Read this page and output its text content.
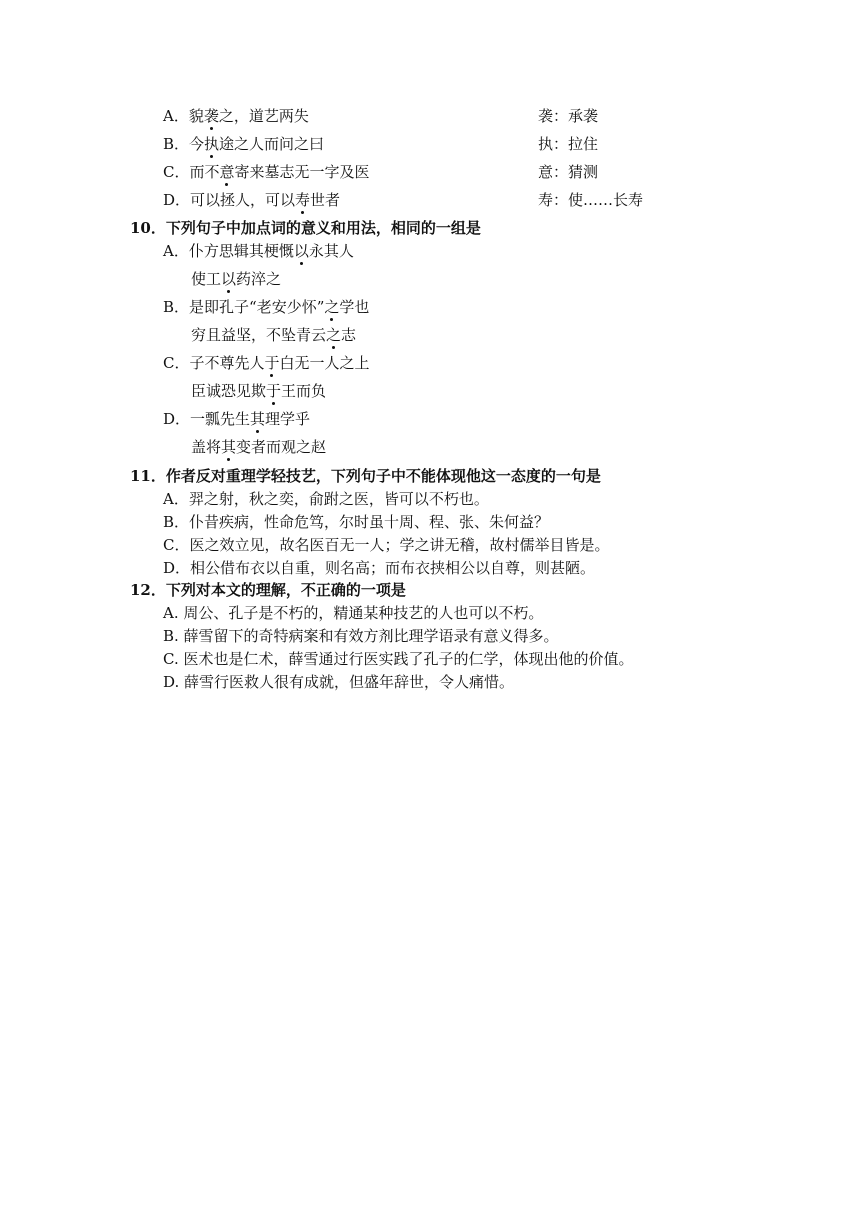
A．貌袭之，道艺两失	袭：承袭
B．今执途之人而问之曰	执：拉住
C．而不意寄来墓志无一字及医	意：猜测
D．可以拯人，可以寿世者	寿：使……长寿
10．下列句子中加点词的意义和用法，相同的一组是
A．仆方思辑其梗慨以永其人
使工以药淬之
B．是即孔子“老安少怀”之学也
穷且益坚，不坠青云之志
C．子不尊先人于白无一人之上
臣诚恐见欺于王而负
D．一瓢先生其理学乎
盖将其变者而观之赵
11．作者反对重理学轻技艺，下列句子中不能体现他这一态度的一句是
A．羿之射，秋之奕，俞跗之医，皆可以不朽也。
B．仆昔疾病，性命危笃，尔时虽十周、程、张、朱何益？
C．医之效立见，故名医百无一人；学之讲无稽，故村儒举目皆是。
D．相公借布衣以自重，则名高；而布衣挟相公以自尊，则甚陋。
12．下列对本文的理解，不正确的一项是
A. 周公、孔子是不朽的，精通某种技艺的人也可以不朽。
B. 薛雪留下的奇特病案和有效方剂比理学语录有意义得多。
C. 医术也是仁术，薛雪通过行医实践了孔子的仁学，体现出他的价值。
D. 薛雪行医救人很有成就，但盛年辞世，令人痛惜。
